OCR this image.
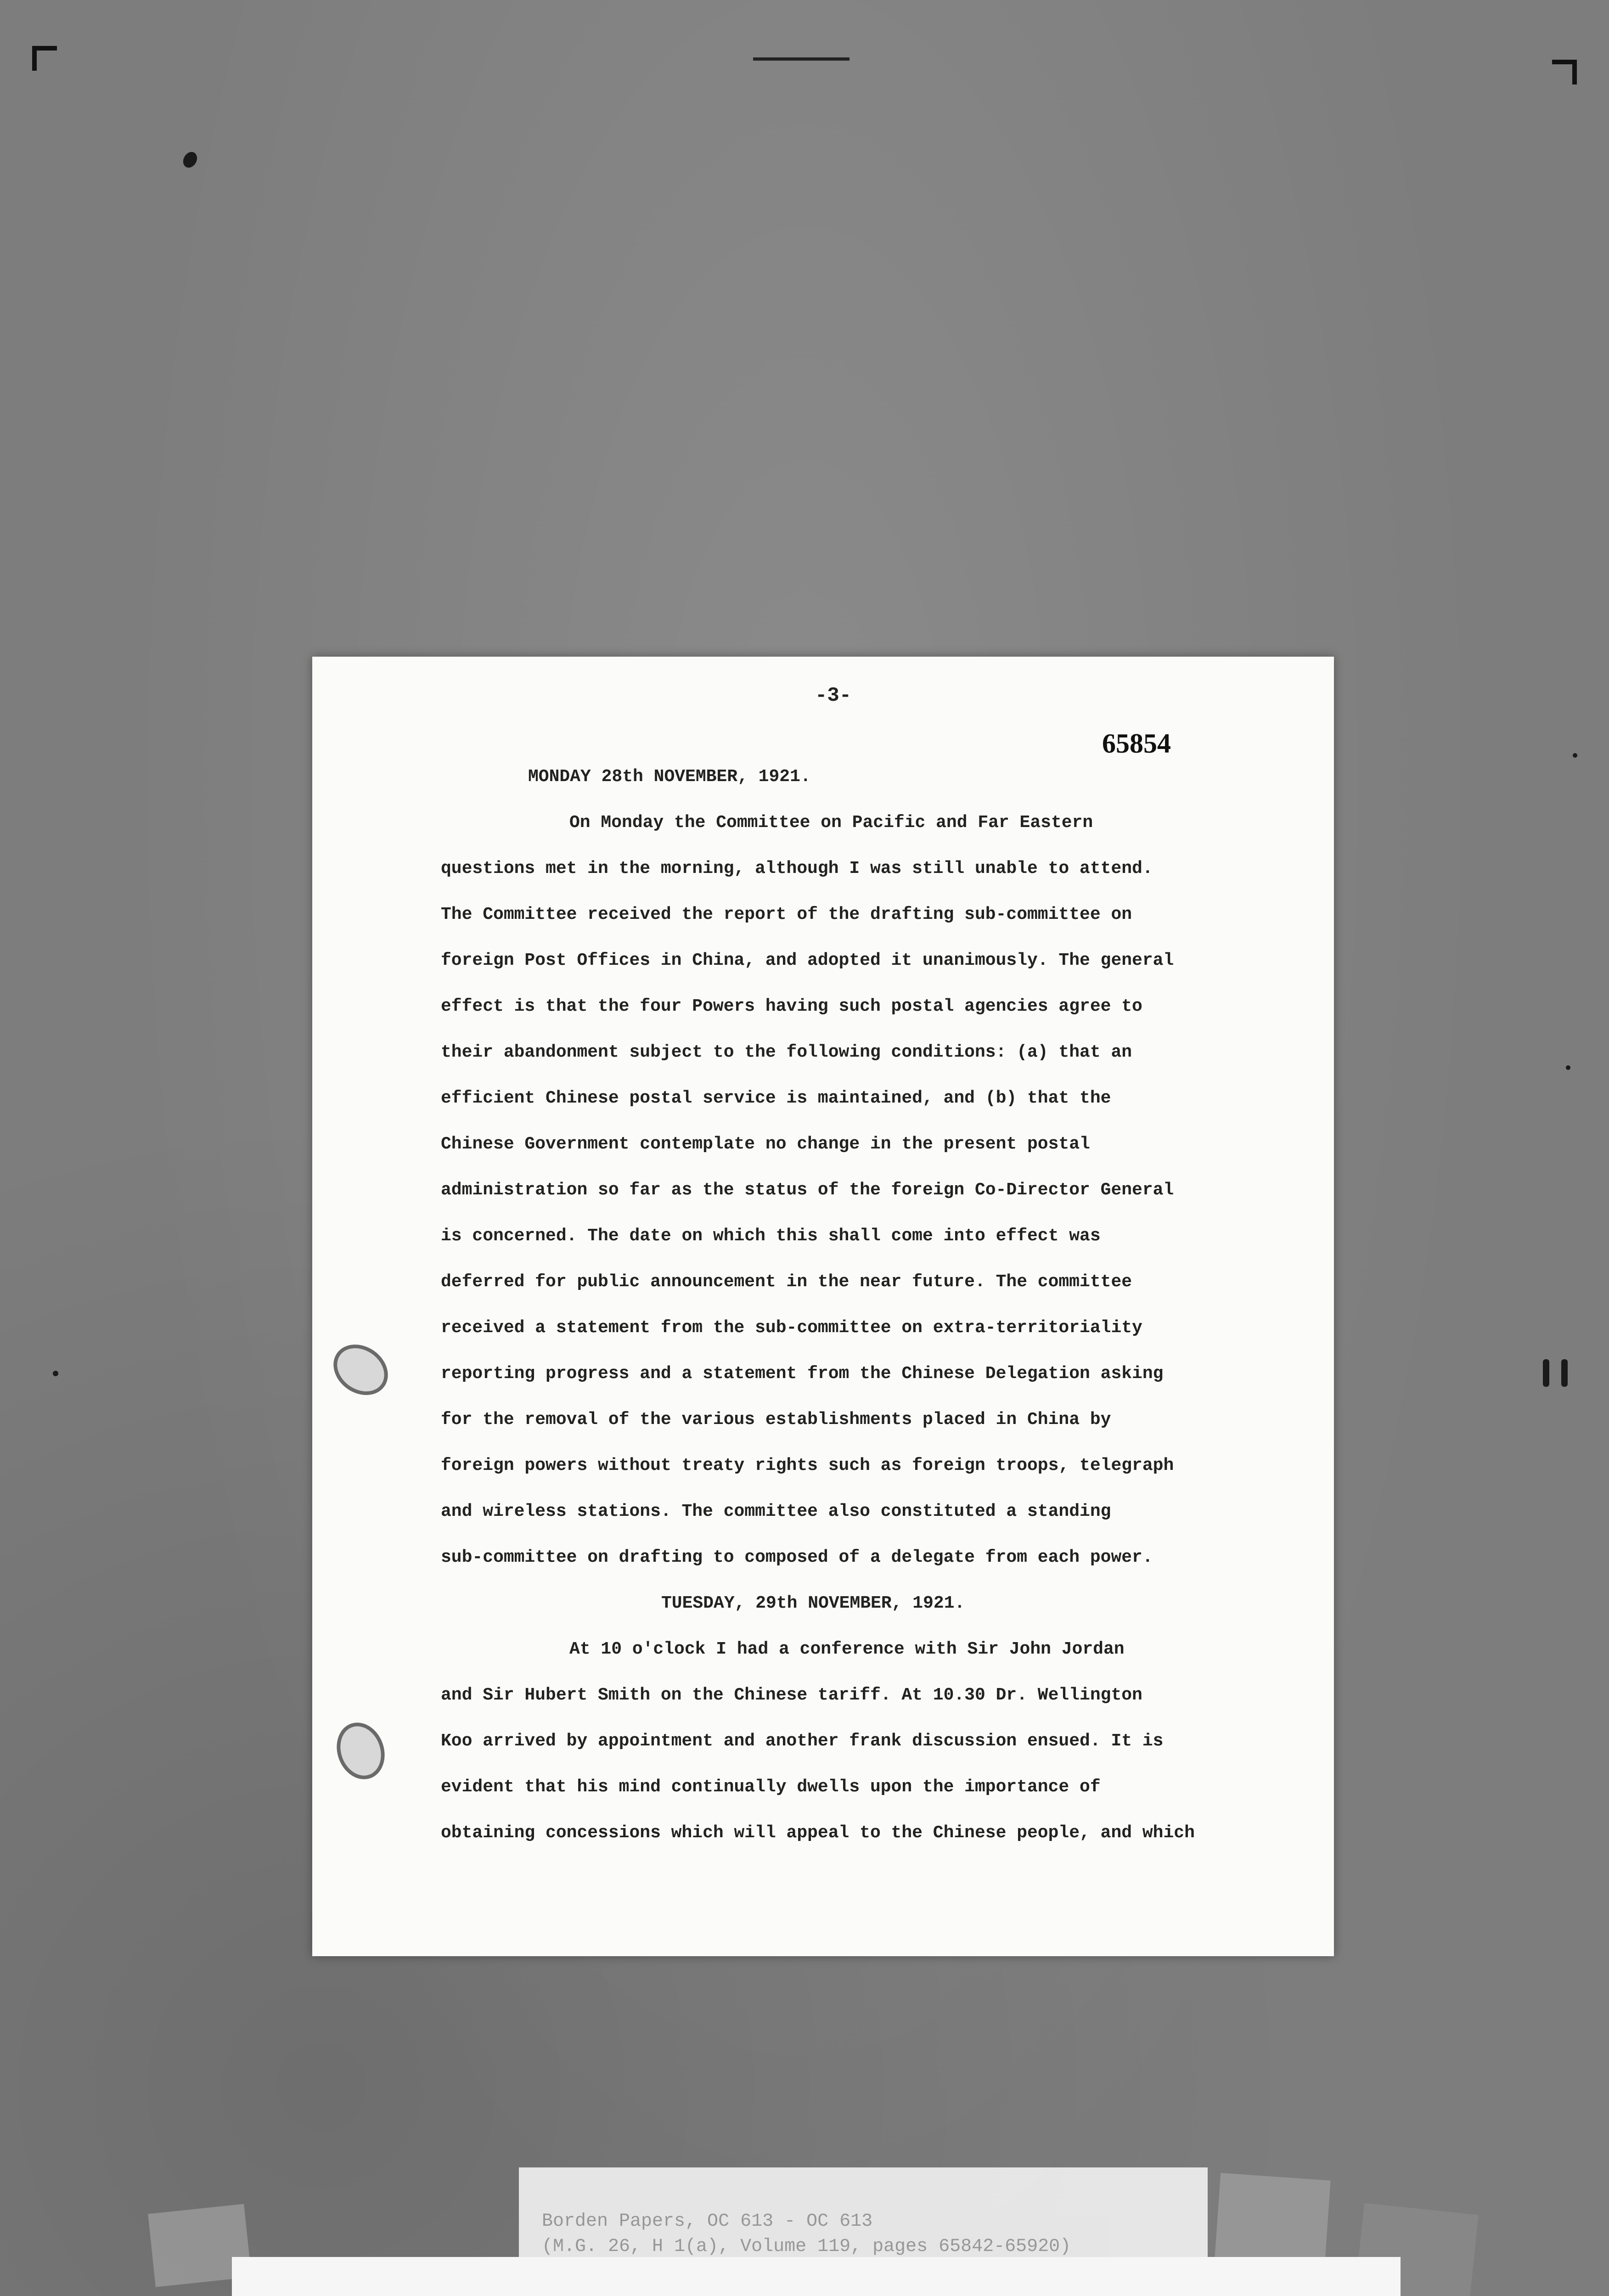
-3-
65854
MONDAY 28th NOVEMBER, 1921.
On Monday the Committee on Pacific and Far Eastern
questions met in the morning, although I was still unable to attend.
The Committee received the report of the drafting sub-committee on
foreign Post Offices in China, and adopted it unanimously. The general
effect is that the four Powers having such postal agencies agree to
their abandonment subject to the following conditions: (a) that an
efficient Chinese postal service is maintained, and (b) that the
Chinese Government contemplate no change in the present postal
administration so far as the status of the foreign Co-Director General
is concerned. The date on which this shall come into effect was
deferred for public announcement in the near future. The committee
received a statement from the sub-committee on extra-territoriality
reporting progress and a statement from the Chinese Delegation asking
for the removal of the various establishments placed in China by
foreign powers without treaty rights such as foreign troops, telegraph
and wireless stations. The committee also constituted a standing
sub-committee on drafting to composed of a delegate from each power.
TUESDAY, 29th NOVEMBER, 1921.
At 10 o'clock I had a conference with Sir John Jordan
and Sir Hubert Smith on the Chinese tariff. At 10.30 Dr. Wellington
Koo arrived by appointment and another frank discussion ensued. It is
evident that his mind continually dwells upon the importance of
obtaining concessions which will appeal to the Chinese people, and which
Borden Papers, OC 613 - OC 613
(M.G. 26, H 1(a), Volume 119, pages 65842-65920)
